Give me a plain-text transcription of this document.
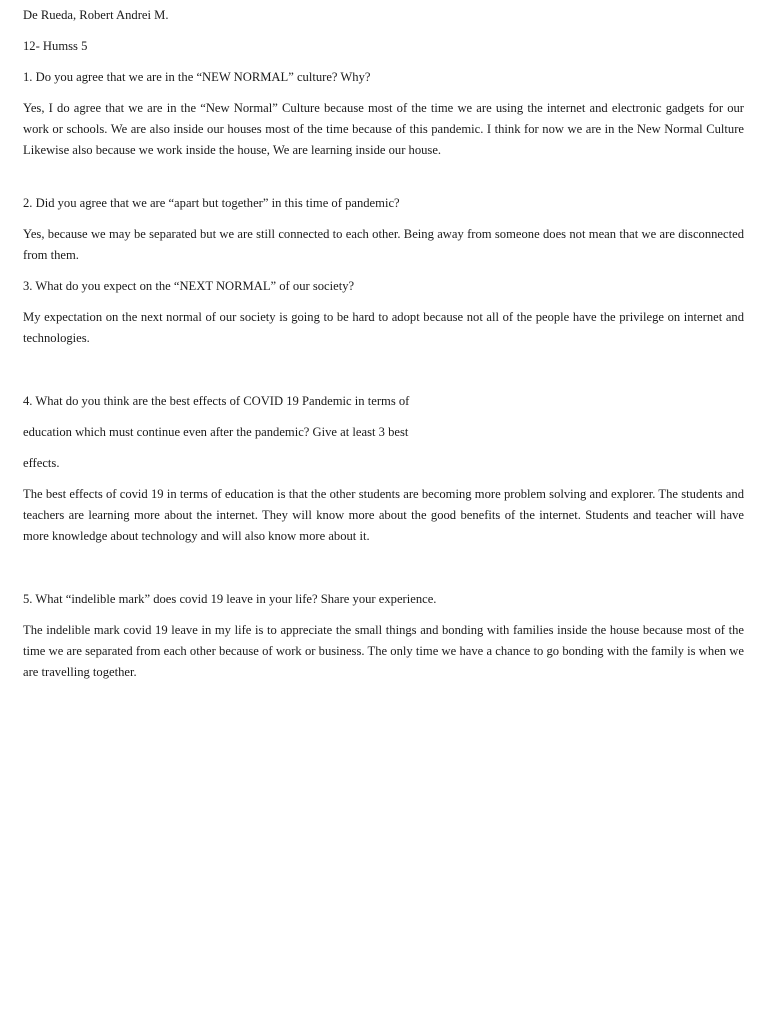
De Rueda, Robert Andrei M.
12- Humss 5
1. Do you agree that we are in the “NEW NORMAL” culture? Why?
Yes, I do agree that we are in the “New Normal” Culture because most of the time we are using the internet and electronic gadgets for our work or schools. We are also inside our houses most of the time because of this pandemic. I think for now we are in the New Normal Culture Likewise also because we work inside the house, We are learning inside our house.
2. Did you agree that we are “apart but together” in this time of pandemic?
Yes, because we may be separated but we are still connected to each other. Being away from someone does not mean that we are disconnected from them.
3. What do you expect on the “NEXT NORMAL” of our society?
My expectation on the next normal of our society is going to be hard to adopt because not all of the people have the privilege on internet and technologies.
4. What do you think are the best effects of COVID 19 Pandemic in terms of
education which must continue even after the pandemic? Give at least 3 best
effects.
The best effects of covid 19 in terms of education is that the other students are becoming more problem solving and explorer. The students and teachers are learning more about the internet. They will know more about the good benefits of the internet. Students and teacher will have more knowledge about technology and will also know more about it.
5. What “indelible mark” does covid 19 leave in your life? Share your experience.
The indelible mark covid 19 leave in my life is to appreciate the small things and bonding with families inside the house because most of the time we are separated from each other because of work or business. The only time we have a chance to go bonding with the family is when we are travelling together.
